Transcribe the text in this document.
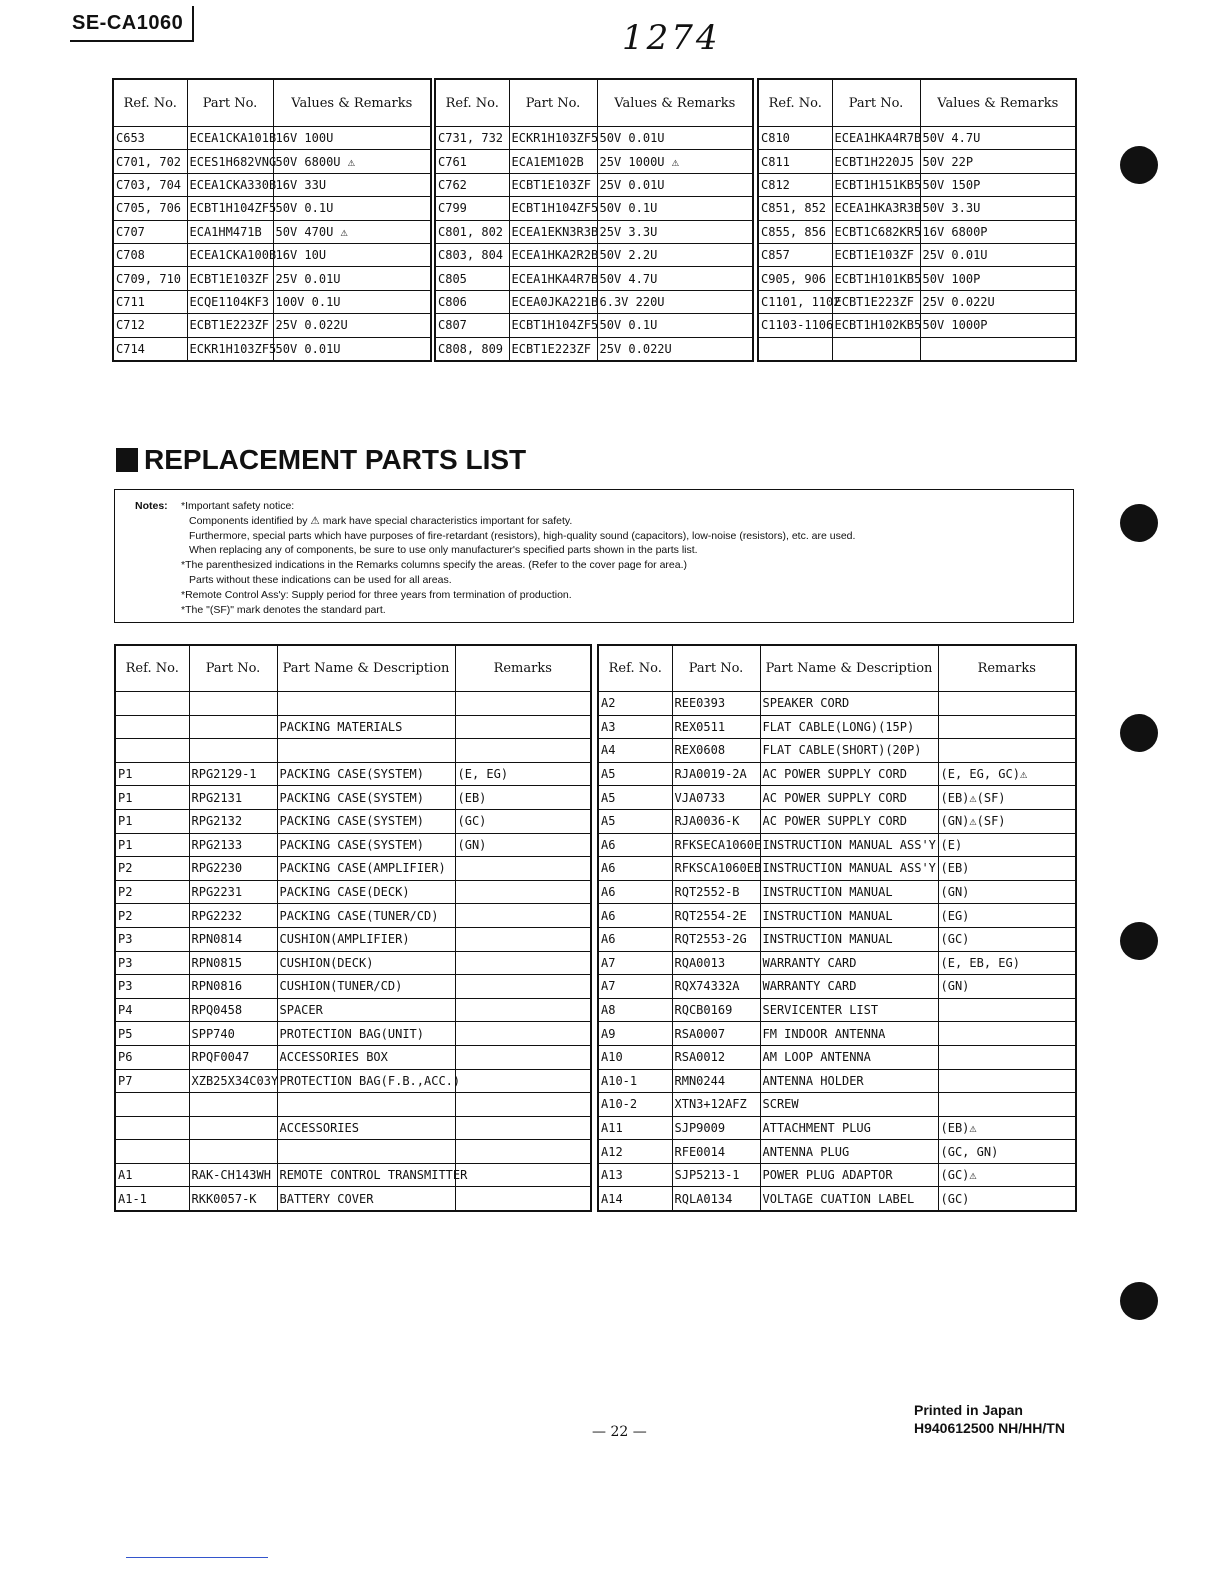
SE-CA1060	1274
Ref. No.	Part No.	Values & Remarks
C653	ECEA1CKA101B	16V 100U
C701, 702	ECES1H682VNG	50V 6800U ⚠
C703, 704	ECEA1CKA330B	16V 33U
C705, 706	ECBT1H104ZF5	50V 0.1U
C707	ECA1HM471B	50V 470U ⚠
C708	ECEA1CKA100B	16V 10U
C709, 710	ECBT1E103ZF	25V 0.01U
C711	ECQE1104KF3	100V 0.1U
C712	ECBT1E223ZF	25V 0.022U
C714	ECKR1H103ZF5	50V 0.01U
Ref. No.	Part No.	Values & Remarks
C731, 732	ECKR1H103ZF5	50V 0.01U
C761	ECA1EM102B	25V 1000U ⚠
C762	ECBT1E103ZF	25V 0.01U
C799	ECBT1H104ZF5	50V 0.1U
C801, 802	ECEA1EKN3R3B	25V 3.3U
C803, 804	ECEA1HKA2R2B	50V 2.2U
C805	ECEA1HKA4R7B	50V 4.7U
C806	ECEA0JKA221B	6.3V 220U
C807	ECBT1H104ZF5	50V 0.1U
C808, 809	ECBT1E223ZF	25V 0.022U
Ref. No.	Part No.	Values & Remarks
C810	ECEA1HKA4R7B	50V 4.7U
C811	ECBT1H220J5	50V 22P
C812	ECBT1H151KB5	50V 150P
C851, 852	ECEA1HKA3R3B	50V 3.3U
C855, 856	ECBT1C682KR5	16V 6800P
C857	ECBT1E103ZF	25V 0.01U
C905, 906	ECBT1H101KB5	50V 100P
C1101, 1102	ECBT1E223ZF	25V 0.022U
C1103-1106	ECBT1H102KB5	50V 1000P

REPLACEMENT PARTS LIST
Notes: *Important safety notice:
Components identified by ⚠ mark have special characteristics important for safety.
Furthermore, special parts which have purposes of fire-retardant (resistors), high-quality sound (capacitors), low-noise (resistors), etc. are used.
When replacing any of components, be sure to use only manufacturer's specified parts shown in the parts list.
*The parenthesized indications in the Remarks columns specify the areas. (Refer to the cover page for area.)
Parts without these indications can be used for all areas.
*Remote Control Ass'y: Supply period for three years from termination of production.
*The "(SF)" mark denotes the standard part.
Ref. No.	Part No.	Part Name & Description	Remarks

		PACKING MATERIALS	

P1	RPG2129-1	PACKING CASE(SYSTEM)	(E, EG)
P1	RPG2131	PACKING CASE(SYSTEM)	(EB)
P1	RPG2132	PACKING CASE(SYSTEM)	(GC)
P1	RPG2133	PACKING CASE(SYSTEM)	(GN)
P2	RPG2230	PACKING CASE(AMPLIFIER)	
P2	RPG2231	PACKING CASE(DECK)	
P2	RPG2232	PACKING CASE(TUNER/CD)	
P3	RPN0814	CUSHION(AMPLIFIER)	
P3	RPN0815	CUSHION(DECK)	
P3	RPN0816	CUSHION(TUNER/CD)	
P4	RPQ0458	SPACER	
P5	SPP740	PROTECTION BAG(UNIT)	
P6	RPQF0047	ACCESSORIES BOX	
P7	XZB25X34C03Y	PROTECTION BAG(F.B.,ACC.)	

		ACCESSORIES	

A1	RAK-CH143WH	REMOTE CONTROL TRANSMITTER	
A1-1	RKK0057-K	BATTERY COVER	
Ref. No.	Part No.	Part Name & Description	Remarks
A2	REE0393	SPEAKER CORD	
A3	REX0511	FLAT CABLE(LONG)(15P)	
A4	REX0608	FLAT CABLE(SHORT)(20P)	
A5	RJA0019-2A	AC POWER SUPPLY CORD	(E, EG, GC)⚠
A5	VJA0733	AC POWER SUPPLY CORD	(EB)⚠(SF)
A5	RJA0036-K	AC POWER SUPPLY CORD	(GN)⚠(SF)
A6	RFKSECA1060E	INSTRUCTION MANUAL ASS'Y	(E)
A6	RFKSCA1060EB	INSTRUCTION MANUAL ASS'Y	(EB)
A6	RQT2552-B	INSTRUCTION MANUAL	(GN)
A6	RQT2554-2E	INSTRUCTION MANUAL	(EG)
A6	RQT2553-2G	INSTRUCTION MANUAL	(GC)
A7	RQA0013	WARRANTY CARD	(E, EB, EG)
A7	RQX74332A	WARRANTY CARD	(GN)
A8	RQCB0169	SERVICENTER LIST	
A9	RSA0007	FM INDOOR ANTENNA	
A10	RSA0012	AM LOOP ANTENNA	
A10-1	RMN0244	ANTENNA HOLDER	
A10-2	XTN3+12AFZ	SCREW	
A11	SJP9009	ATTACHMENT PLUG	(EB)⚠
A12	RFE0014	ANTENNA PLUG	(GC, GN)
A13	SJP5213-1	POWER PLUG ADAPTOR	(GC)⚠
A14	RQLA0134	VOLTAGE CUATION LABEL	(GC)
— 22 —
Printed in Japan
H940612500 NH/HH/TN
